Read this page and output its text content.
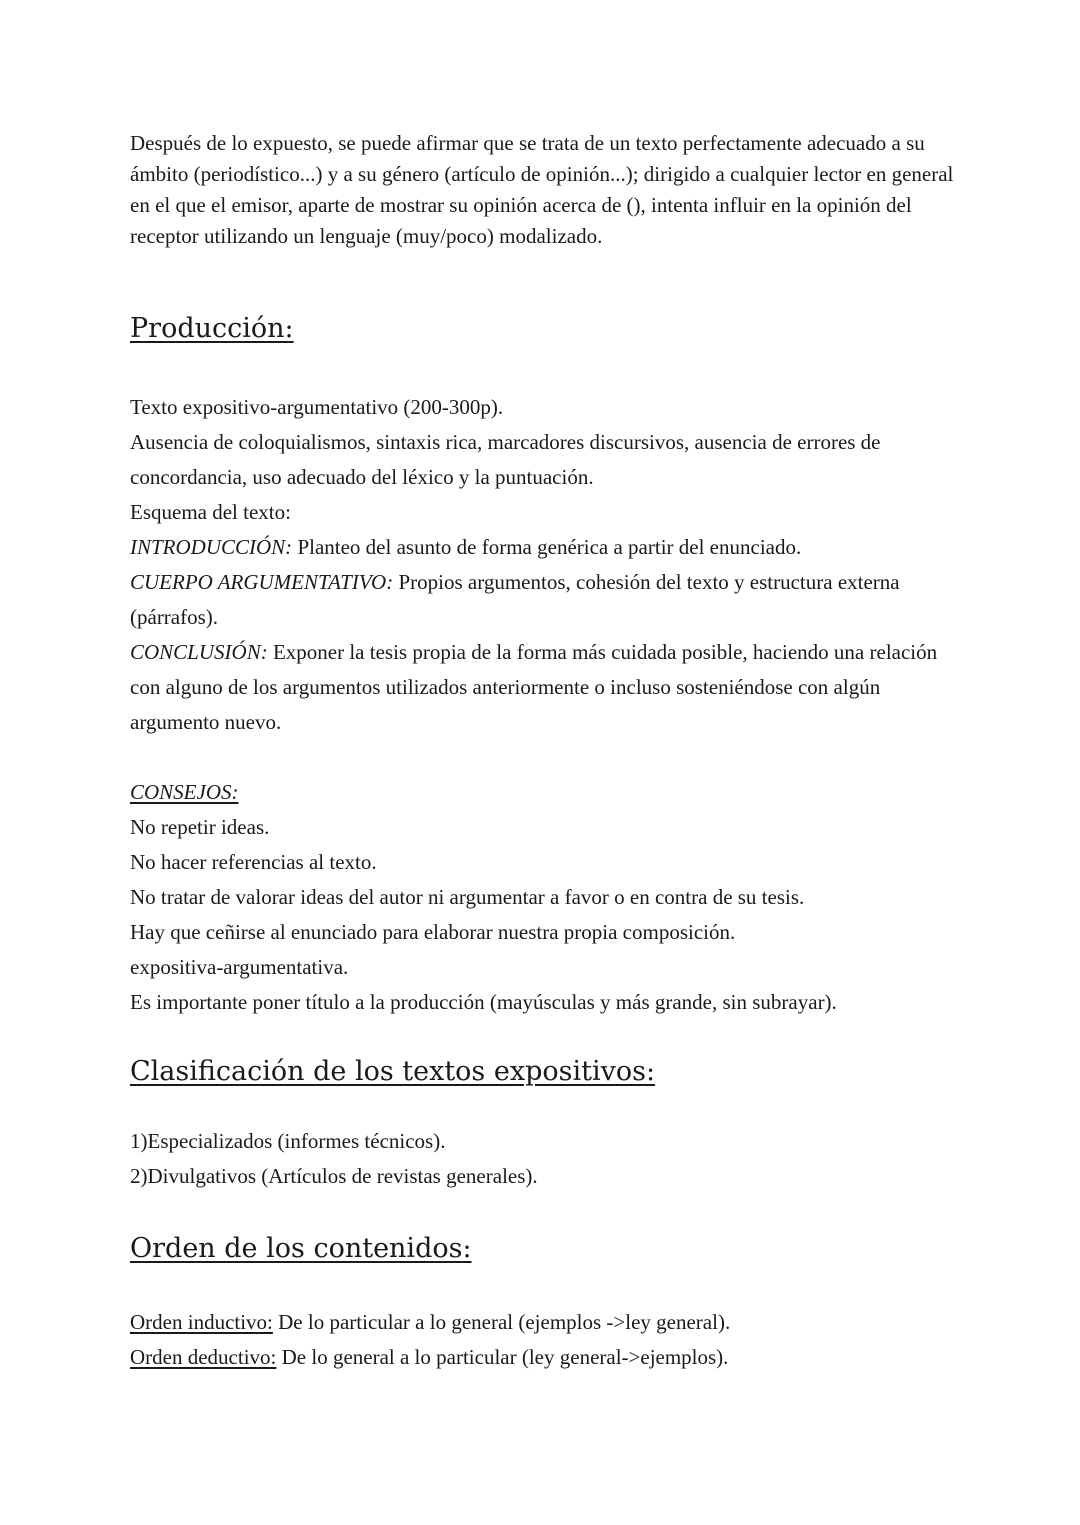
Después de lo expuesto, se puede afirmar que se trata de un texto perfectamente adecuado a su ámbito (periodístico...) y a su género (artículo de opinión...); dirigido a cualquier lector en general en el que el emisor, aparte de mostrar su opinión acerca de (), intenta influir en la opinión del receptor utilizando un lenguaje (muy/poco) modalizado.

Producción:

Texto expositivo-argumentativo (200-300p).

Ausencia de coloquialismos, sintaxis rica, marcadores discursivos, ausencia de errores de concordancia, uso adecuado del léxico y la puntuación.

Esquema del texto:

INTRODUCCIÓN: Planteo del asunto de forma genérica a partir del enunciado.

CUERPO ARGUMENTATIVO: Propios argumentos, cohesión del texto y estructura externa (párrafos).

CONCLUSIÓN: Exponer la tesis propia de la forma más cuidada posible, haciendo una relación con alguno de los argumentos utilizados anteriormente o incluso sosteniéndose con algún argumento nuevo.

CONSEJOS:

No repetir ideas.

No hacer referencias al texto.

No tratar de valorar ideas del autor ni argumentar a favor o en contra de su tesis.

Hay que ceñirse al enunciado para elaborar nuestra propia composición.

expositiva-argumentativa.

Es importante poner título a la producción (mayúsculas y más grande, sin subrayar).

Clasificación de los textos expositivos:

1)Especializados (informes técnicos).

2)Divulgativos (Artículos de revistas generales).

Orden de los contenidos:

Orden inductivo: De lo particular a lo general (ejemplos ->ley general).

Orden deductivo: De lo general a lo particular (ley general->ejemplos).
